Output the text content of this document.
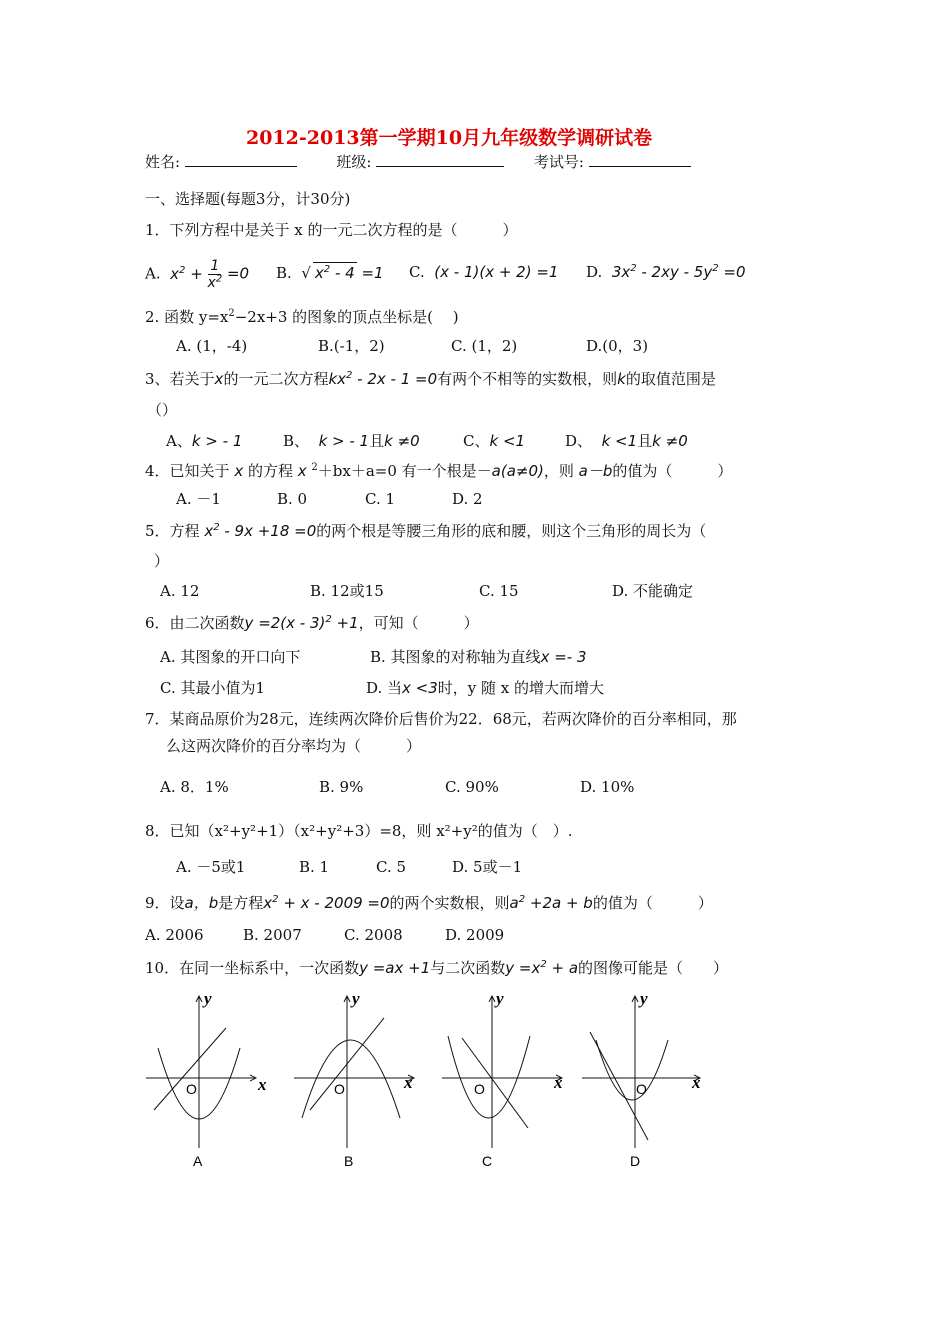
2012-2013第一学期10月九年级数学调研试卷
姓名:	班级:	考试号:
一、选择题(每题3分，计30分)
1．下列方程中是关于 x 的一元二次方程的是（　　　）
A. $x^2 + \frac{1}{x^2} =0$ B. √ $x^2 - 4 =1$ C. (x - 1)(x + 2) =1 D. $3x^2 - 2xy - 5y^2 =0$
2. 函数 $y=x^2-2x+3$ 的图象的顶点坐标是(　 )
A. (1，-4)	B.(-1，2)	C. (1，2)	D.(0，3)
3、若关于x的一元二次方程$kx^2 - 2x - 1 =0$有两个不相等的实数根，则k的取值范围是
（）
A、k > - 1	B、 k > - 1且k ≠0	C、k <1	D、 k <1且k ≠0
4．已知关于 x 的方程 x $^2$＋bx＋a=0 有一个根是－a(a≠0)，则 a－b的值为（　　　）
A. －1	B. 0	C. 1	D. 2
5．方程 $x^2 - 9x +18 =0$的两个根是等腰三角形的底和腰，则这个三角形的周长为（
）
A. 12	B. 12或15	C. 15	D. 不能确定
6．由二次函数y =2(x - 3)$^2$ +1，可知（　　　）
A. 其图象的开口向下	B. 其图象的对称轴为直线x =- 3
C. 其最小值为1	D. 当x <3时，y 随 x 的增大而增大
7．某商品原价为28元，连续两次降价后售价为22．68元，若两次降价的百分率相同，那
么这两次降价的百分率均为（　　　）
A. 8．1%	B. 9%	C. 90%	D. 10%
8．已知（x²+y²+1）（x²+y²+3）=8，则 x²+y²的值为（　）.
A. －5或1	B. 1	C. 5	D. 5或－1
9．设a，b是方程$x^2 + x - 2009 =0$的两个实数根，则$a^2 +2a + b$的值为（　　　）
A. 2006	B. 2007	C. 2008	D. 2009
10．在同一坐标系中，一次函数y =ax +1与二次函数$y =x^2 + a$的图像可能是（　　）
y
x
O
A
y
x
O
B
y
x
O
C
y
x
O
D
